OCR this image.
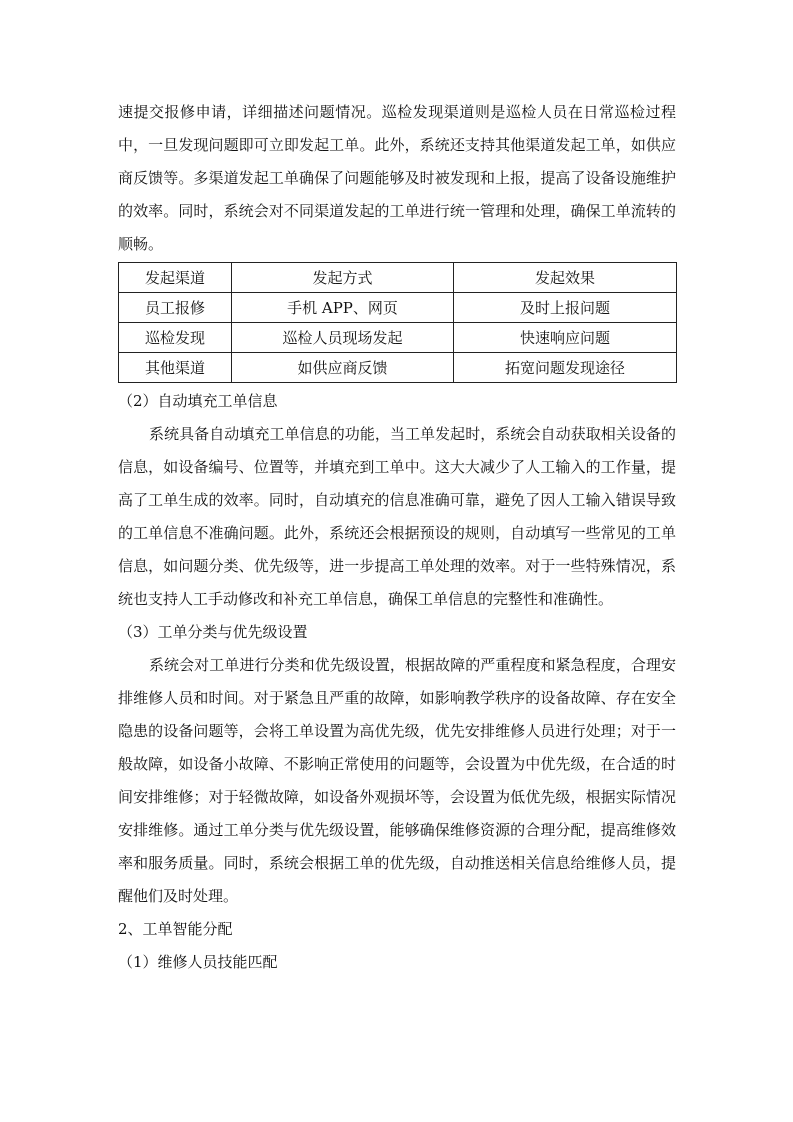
速提交报修申请，详细描述问题情况。巡检发现渠道则是巡检人员在日常巡检过程中，一旦发现问题即可立即发起工单。此外，系统还支持其他渠道发起工单，如供应商反馈等。多渠道发起工单确保了问题能够及时被发现和上报，提高了设备设施维护的效率。同时，系统会对不同渠道发起的工单进行统一管理和处理，确保工单流转的顺畅。

发起渠道	发起方式	发起效果
员工报修	手机 APP、网页	及时上报问题
巡检发现	巡检人员现场发起	快速响应问题
其他渠道	如供应商反馈	拓宽问题发现途径

（2）自动填充工单信息

系统具备自动填充工单信息的功能，当工单发起时，系统会自动获取相关设备的信息，如设备编号、位置等，并填充到工单中。这大大减少了人工输入的工作量，提高了工单生成的效率。同时，自动填充的信息准确可靠，避免了因人工输入错误导致的工单信息不准确问题。此外，系统还会根据预设的规则，自动填写一些常见的工单信息，如问题分类、优先级等，进一步提高工单处理的效率。对于一些特殊情况，系统也支持人工手动修改和补充工单信息，确保工单信息的完整性和准确性。

（3）工单分类与优先级设置

系统会对工单进行分类和优先级设置，根据故障的严重程度和紧急程度，合理安排维修人员和时间。对于紧急且严重的故障，如影响教学秩序的设备故障、存在安全隐患的设备问题等，会将工单设置为高优先级，优先安排维修人员进行处理；对于一般故障，如设备小故障、不影响正常使用的问题等，会设置为中优先级，在合适的时间安排维修；对于轻微故障，如设备外观损坏等，会设置为低优先级，根据实际情况安排维修。通过工单分类与优先级设置，能够确保维修资源的合理分配，提高维修效率和服务质量。同时，系统会根据工单的优先级，自动推送相关信息给维修人员，提醒他们及时处理。

2、工单智能分配

（1）维修人员技能匹配
